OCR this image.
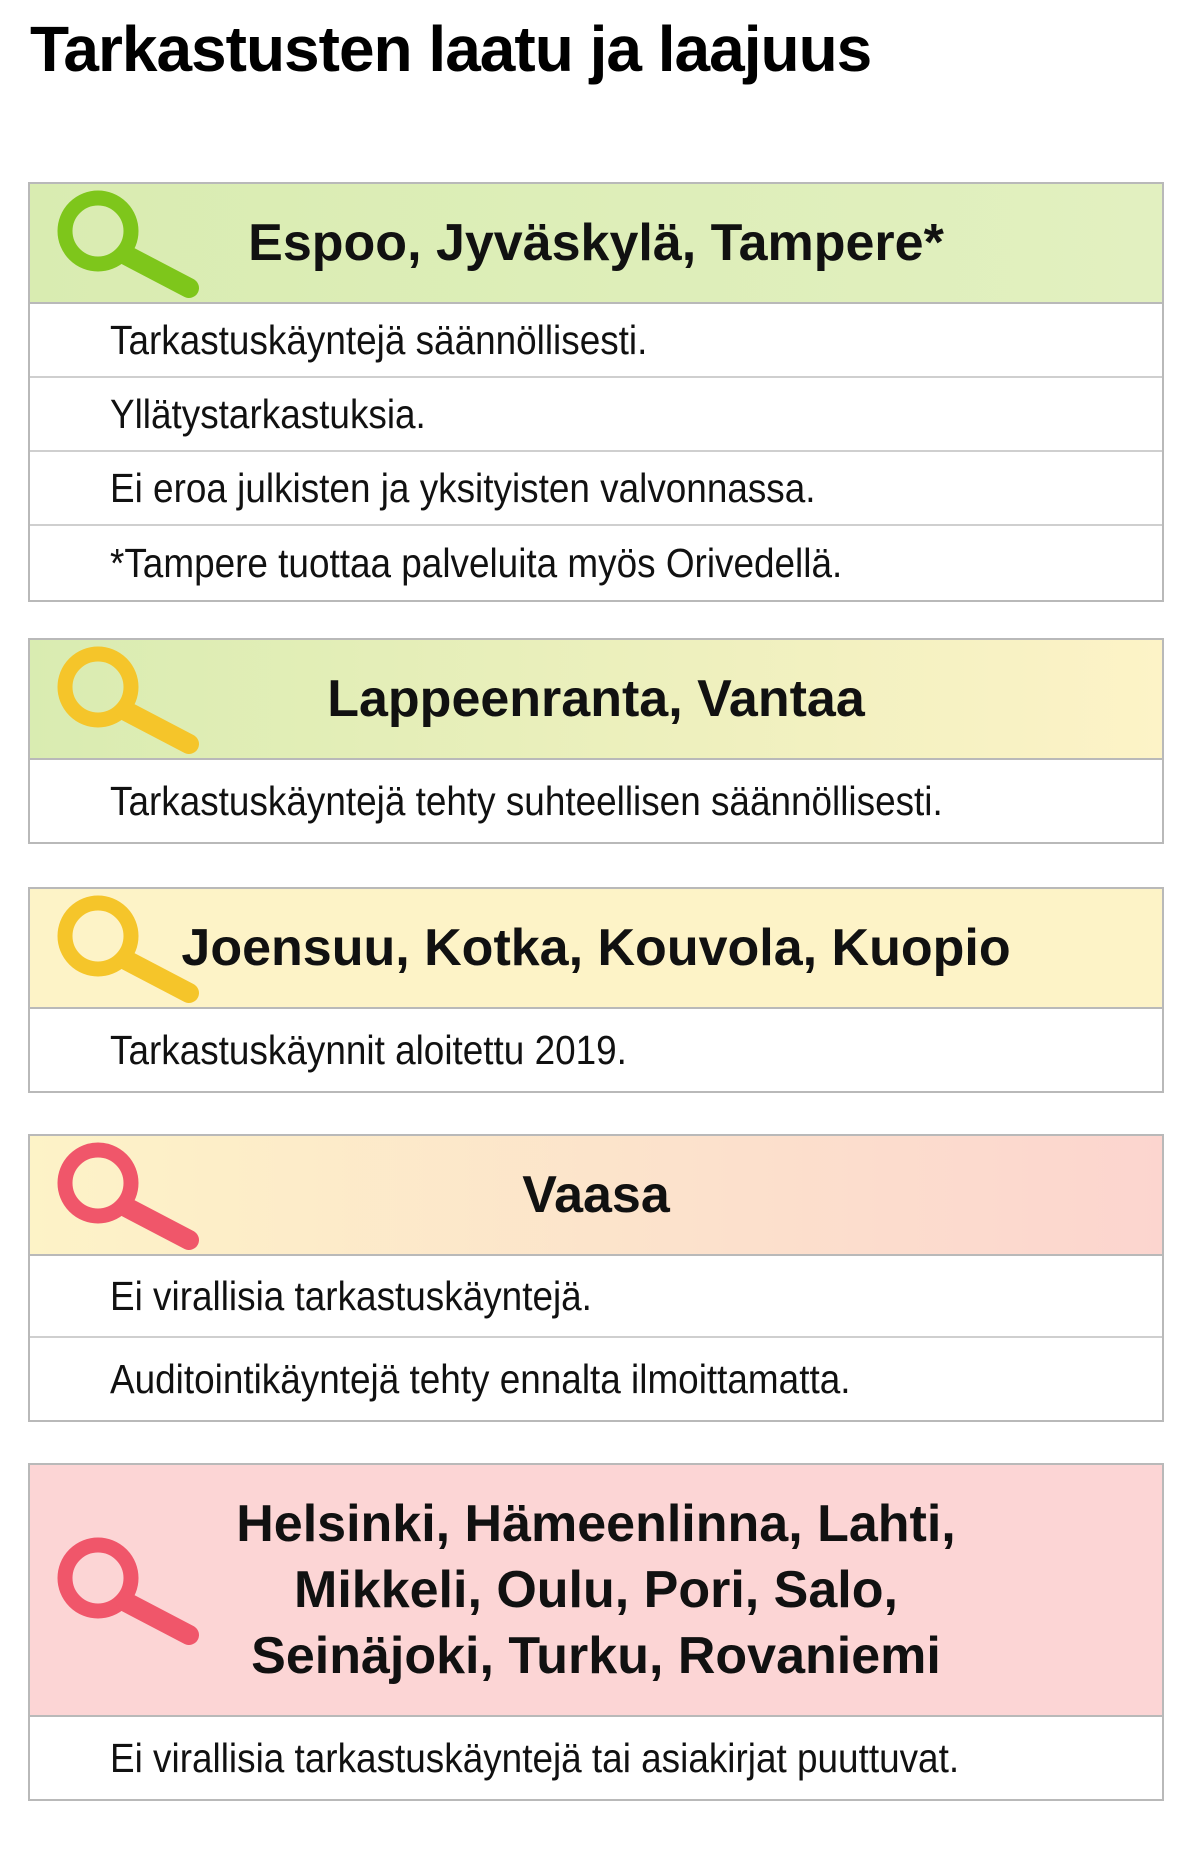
Tarkastusten laatu ja laajuus
Espoo, Jyväskylä, Tampere*
Tarkastuskäyntejä säännöllisesti.
Yllätystarkastuksia.
Ei eroa julkisten ja yksityisten valvonnassa.
*Tampere tuottaa palveluita myös Orivedellä.
Lappeenranta, Vantaa
Tarkastuskäyntejä tehty suhteellisen säännöllisesti.
Joensuu, Kotka, Kouvola, Kuopio
Tarkastuskäynnit aloitettu 2019.
Vaasa
Ei virallisia tarkastuskäyntejä.
Auditointikäyntejä tehty ennalta ilmoittamatta.
Helsinki, Hämeenlinna, Lahti,
Mikkeli, Oulu, Pori, Salo,
Seinäjoki, Turku, Rovaniemi
Ei virallisia tarkastuskäyntejä tai asiakirjat puuttuvat.
